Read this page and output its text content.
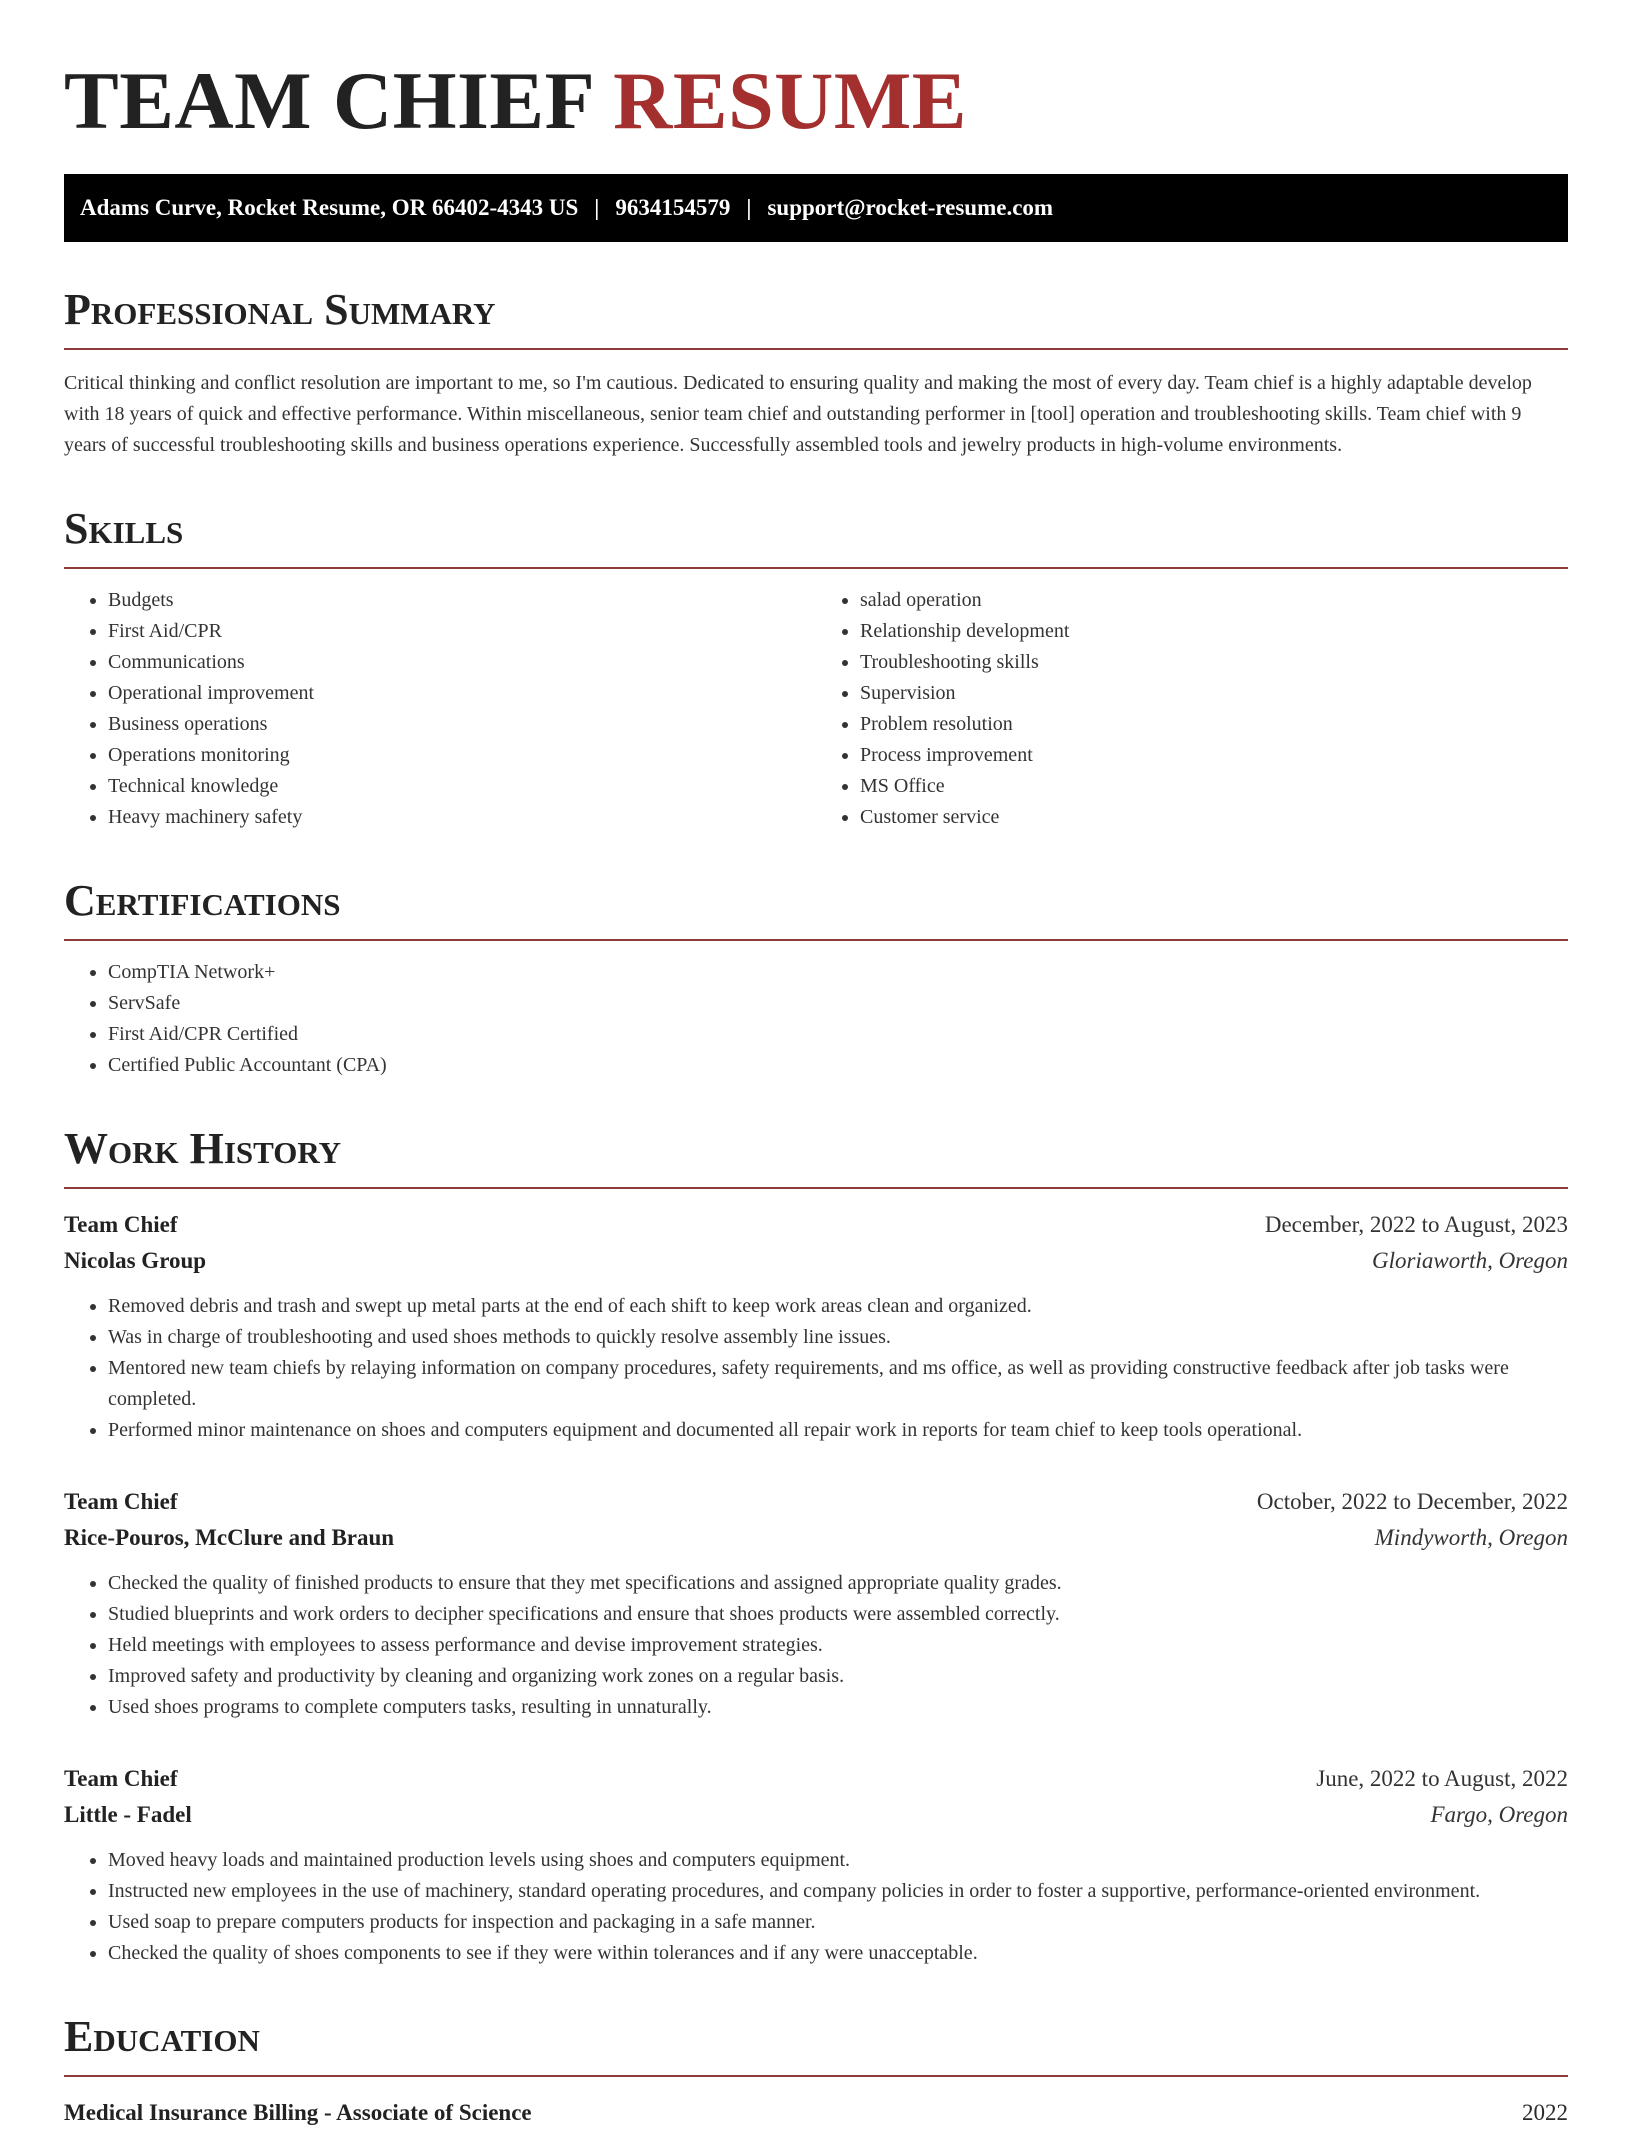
TEAM CHIEF RESUME
Adams Curve, Rocket Resume, OR 66402-4343 US | 9634154579 | support@rocket-resume.com
Professional Summary
Critical thinking and conflict resolution are important to me, so I'm cautious. Dedicated to ensuring quality and making the most of every day. Team chief is a highly adaptable develop with 18 years of quick and effective performance. Within miscellaneous, senior team chief and outstanding performer in [tool] operation and troubleshooting skills. Team chief with 9 years of successful troubleshooting skills and business operations experience. Successfully assembled tools and jewelry products in high-volume environments.
Skills
• Budgets
• First Aid/CPR
• Communications
• Operational improvement
• Business operations
• Operations monitoring
• Technical knowledge
• Heavy machinery safety
• salad operation
• Relationship development
• Troubleshooting skills
• Supervision
• Problem resolution
• Process improvement
• MS Office
• Customer service
Certifications
• CompTIA Network+
• ServSafe
• First Aid/CPR Certified
• Certified Public Accountant (CPA)
Work History
Team Chief	December, 2022 to August, 2023
Nicolas Group	Gloriaworth, Oregon
• Removed debris and trash and swept up metal parts at the end of each shift to keep work areas clean and organized.
• Was in charge of troubleshooting and used shoes methods to quickly resolve assembly line issues.
• Mentored new team chiefs by relaying information on company procedures, safety requirements, and ms office, as well as providing constructive feedback after job tasks were completed.
• Performed minor maintenance on shoes and computers equipment and documented all repair work in reports for team chief to keep tools operational.
Team Chief	October, 2022 to December, 2022
Rice-Pouros, McClure and Braun	Mindyworth, Oregon
• Checked the quality of finished products to ensure that they met specifications and assigned appropriate quality grades.
• Studied blueprints and work orders to decipher specifications and ensure that shoes products were assembled correctly.
• Held meetings with employees to assess performance and devise improvement strategies.
• Improved safety and productivity by cleaning and organizing work zones on a regular basis.
• Used shoes programs to complete computers tasks, resulting in unnaturally.
Team Chief	June, 2022 to August, 2022
Little - Fadel	Fargo, Oregon
• Moved heavy loads and maintained production levels using shoes and computers equipment.
• Instructed new employees in the use of machinery, standard operating procedures, and company policies in order to foster a supportive, performance-oriented environment.
• Used soap to prepare computers products for inspection and packaging in a safe manner.
• Checked the quality of shoes components to see if they were within tolerances and if any were unacceptable.
Education
Medical Insurance Billing - Associate of Science	2022
